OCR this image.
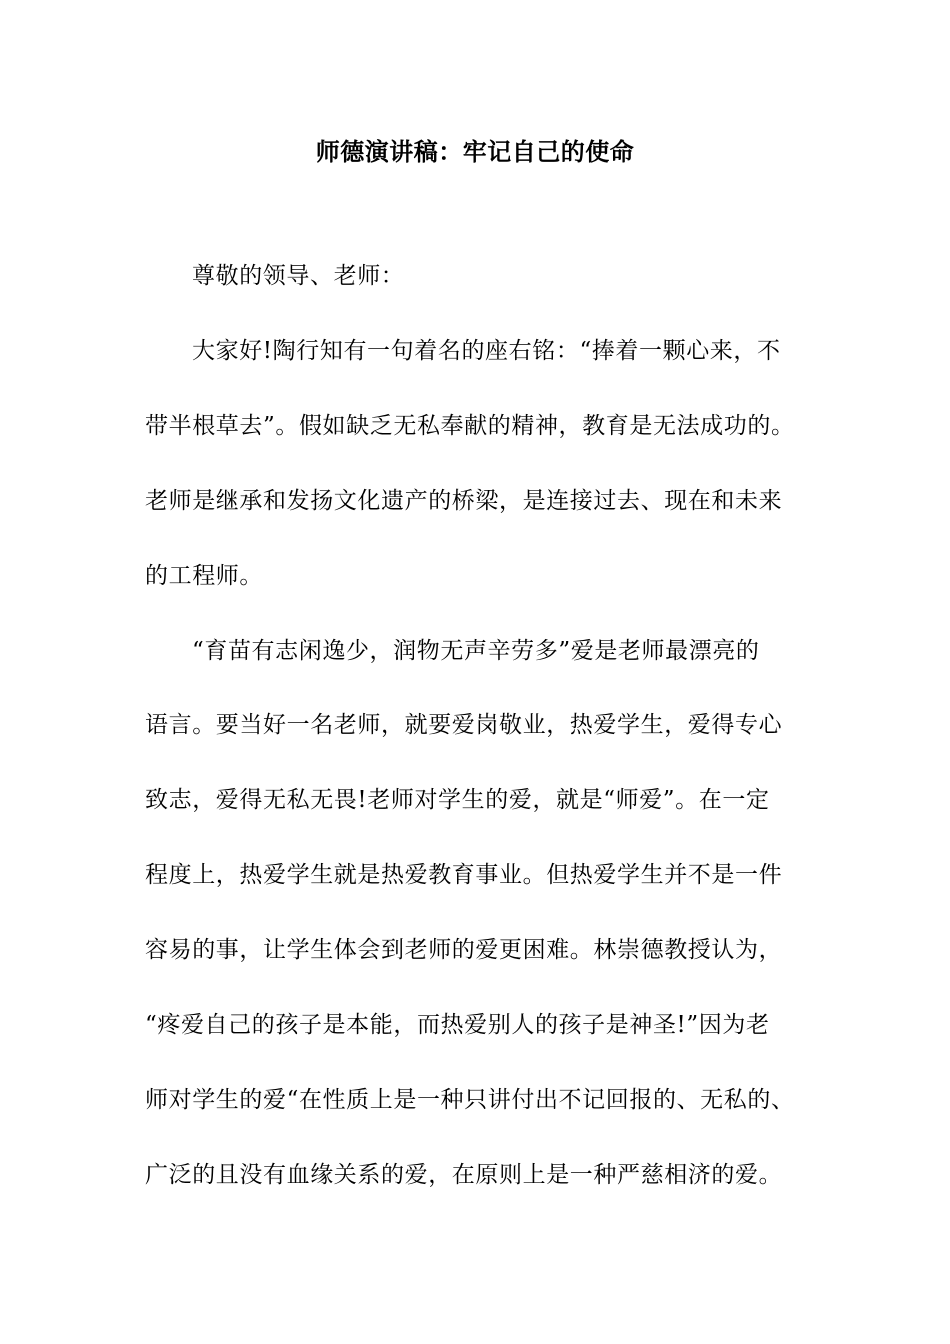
师德演讲稿：牢记自己的使命
尊敬的领导、老师：
大家好!陶行知有一句着名的座右铭：“捧着一颗心来，不
带半根草去”。假如缺乏无私奉献的精神，教育是无法成功的。
老师是继承和发扬文化遗产的桥梁，是连接过去、现在和未来
的工程师。
“育苗有志闲逸少，润物无声辛劳多”爱是老师最漂亮的
语言。要当好一名老师，就要爱岗敬业，热爱学生，爱得专心
致志，爱得无私无畏!老师对学生的爱，就是“师爱”。在一定
程度上，热爱学生就是热爱教育事业。但热爱学生并不是一件
容易的事，让学生体会到老师的爱更困难。林崇德教授认为，
“疼爱自己的孩子是本能，而热爱别人的孩子是神圣!”因为老
师对学生的爱“在性质上是一种只讲付出不记回报的、无私的、
广泛的且没有血缘关系的爱，在原则上是一种严慈相济的爱。
